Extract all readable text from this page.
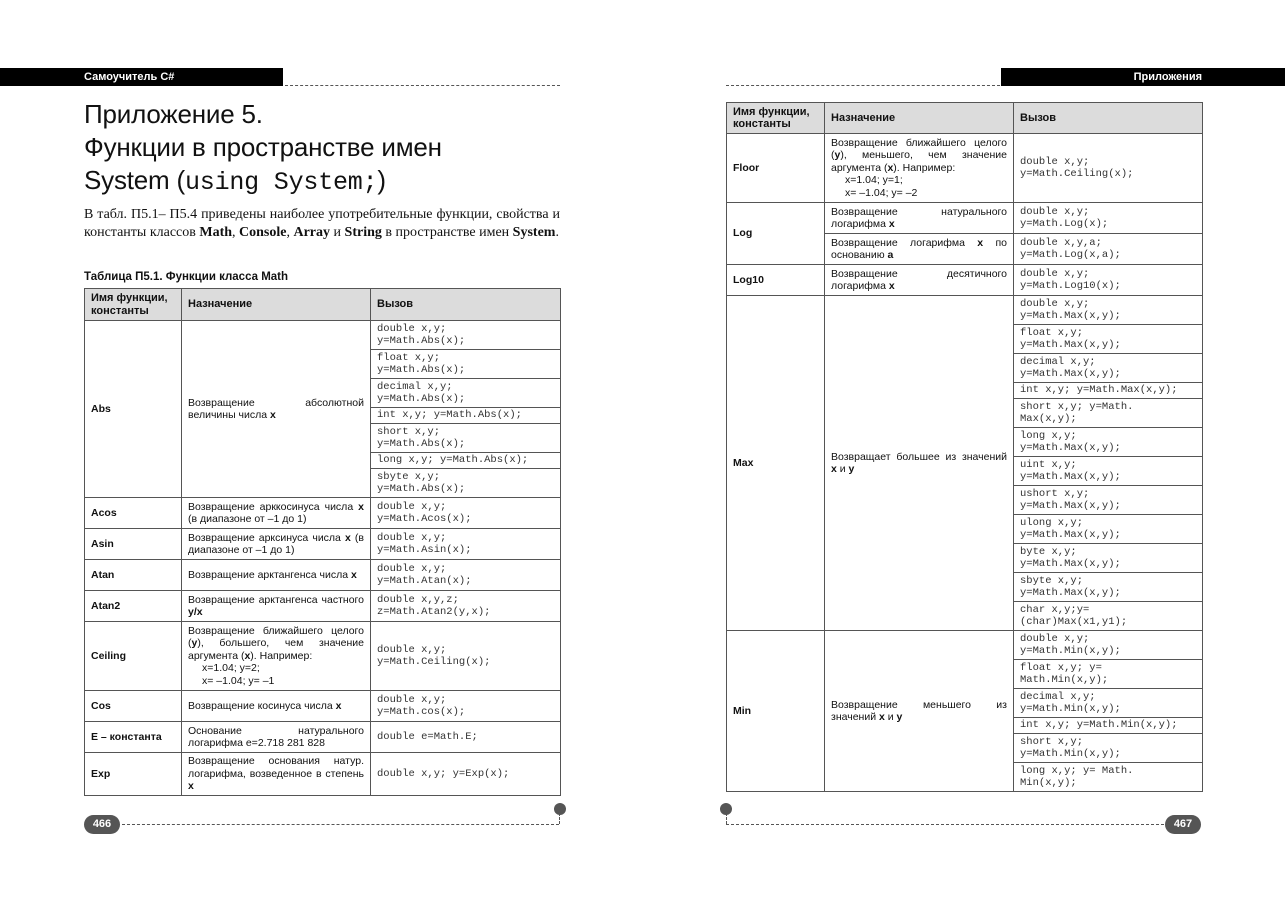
Самоучитель C#
Приложение 5.
Функции в пространстве имен
System (using System;)

В табл. П5.1– П5.4 приведены наиболее употребительные функции, свойства и константы классов Math, Console, Array и String в пространстве имен System.

Таблица П5.1. Функции класса Math
Имя функции, константы	Назначение	Вызов
Abs	Возвращение абсолютной величины числа x	double x,y;
y=Math.Abs(x);
		float x,y;
y=Math.Abs(x);
		decimal x,y;
y=Math.Abs(x);
		int x,y; y=Math.Abs(x);
		short x,y;
y=Math.Abs(x);
		long x,y; y=Math.Abs(x);
		sbyte x,y;
y=Math.Abs(x);
Acos	Возвращение арккосинуса числа x (в диапазоне от –1 до 1)	double x,y;
y=Math.Acos(x);
Asin	Возвращение арксинуса числа x (в диапазоне от –1 до 1)	double x,y;
y=Math.Asin(x);
Atan	Возвращение арктангенса числа x	double x,y;
y=Math.Atan(x);
Atan2	Возвращение арктангенса частного y/x	double x,y,z;
z=Math.Atan2(y,x);
Ceiling	Возвращение ближайшего целого (y), большего, чем значение аргумента (x). Например:
x=1.04; y=2;
x= –1.04; y= –1	double x,y;
y=Math.Ceiling(x);
Cos	Возвращение косинуса числа x	double x,y;
y=Math.cos(x);
E – константа	Основание натурального логарифма e=2.718 281 828	double e=Math.E;
Exp	Возвращение основания натур. логарифма, возведенное в степень x	double x,y; y=Exp(x);
466
Приложения
Имя функции, константы	Назначение	Вызов
Floor	Возвращение ближайшего целого (y), меньшего, чем значение аргумента (x). Например:
x=1.04; y=1;
x= –1.04; y= –2	double x,y;
y=Math.Ceiling(x);
Log	Возвращение натурального логарифма x	double x,y;
y=Math.Log(x);
	Возвращение логарифма x по основанию a	double x,y,a;
y=Math.Log(x,a);
Log10	Возвращение десятичного логарифма x	double x,y;
y=Math.Log10(x);
Max	Возвращает большее из значений x и y	double x,y;
y=Math.Max(x,y);
		float x,y;
y=Math.Max(x,y);
		decimal x,y;
y=Math.Max(x,y);
		int x,y; y=Math.Max(x,y);
		short x,y; y=Math.
Max(x,y);
		long x,y;
y=Math.Max(x,y);
		uint x,y;
y=Math.Max(x,y);
		ushort x,y;
y=Math.Max(x,y);
		ulong x,y;
y=Math.Max(x,y);
		byte x,y;
y=Math.Max(x,y);
		sbyte x,y;
y=Math.Max(x,y);
		char x,y;y=
(char)Max(x1,y1);
Min	Возвращение меньшего из значений x и y	double x,y;
y=Math.Min(x,y);
		float x,y; y=
Math.Min(x,y);
		decimal x,y;
y=Math.Min(x,y);
		int x,y; y=Math.Min(x,y);
		short x,y;
y=Math.Min(x,y);
		long x,y; y= Math.
Min(x,y);
467
